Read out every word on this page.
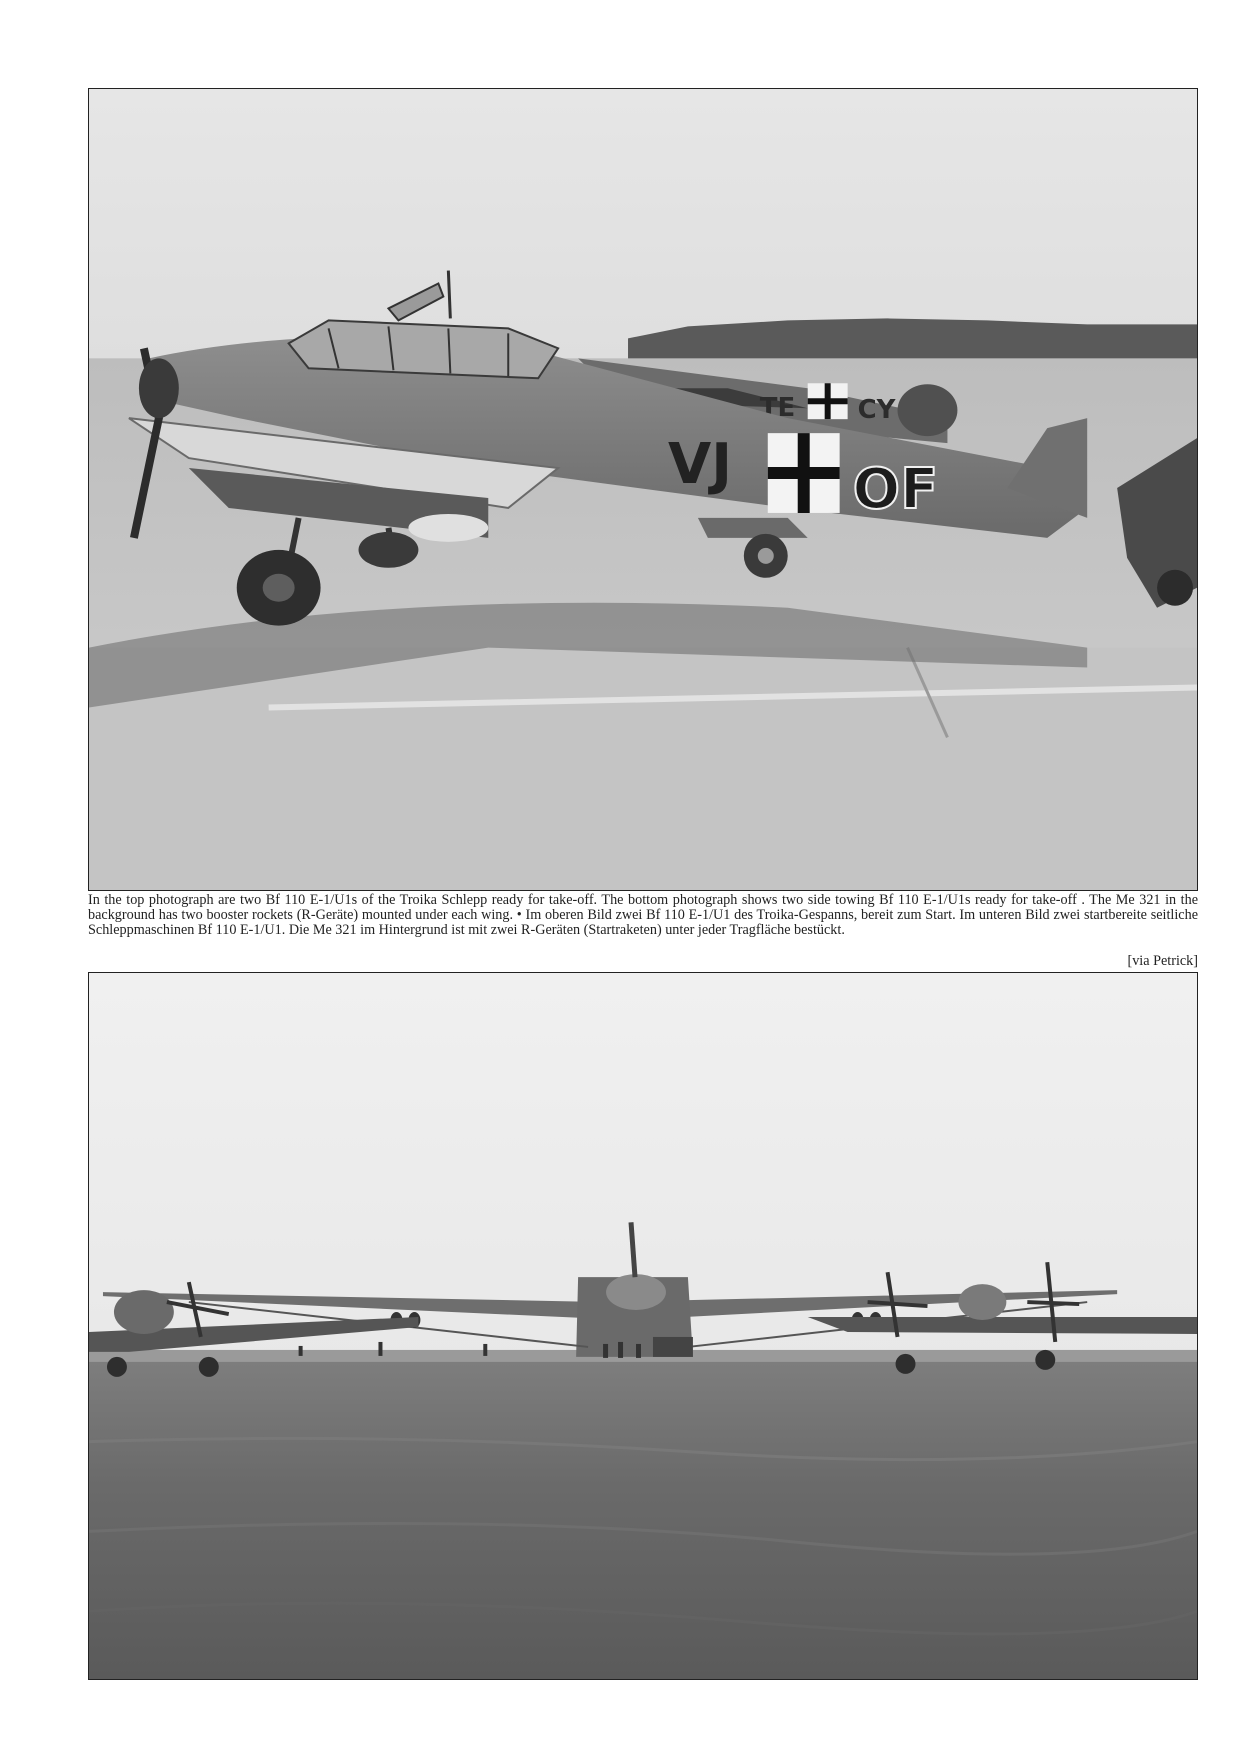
TE CY
VJ OF

In the top photograph are two Bf 110 E-1/U1s of the Troika Schlepp ready for take-off. The bottom photograph shows two side towing Bf 110 E-1/U1s ready for take-off . The Me 321 in the background has two booster rockets (R-Geräte) mounted under each wing. • Im oberen Bild zwei Bf 110 E-1/U1 des Troika-Gespanns, bereit zum Start. Im unteren Bild zwei startbereite seitliche Schleppmaschinen Bf 110 E-1/U1. Die Me 321 im Hintergrund ist mit zwei R-Geräten (Startraketen) unter jeder Tragfläche bestückt.

[via Petrick]
